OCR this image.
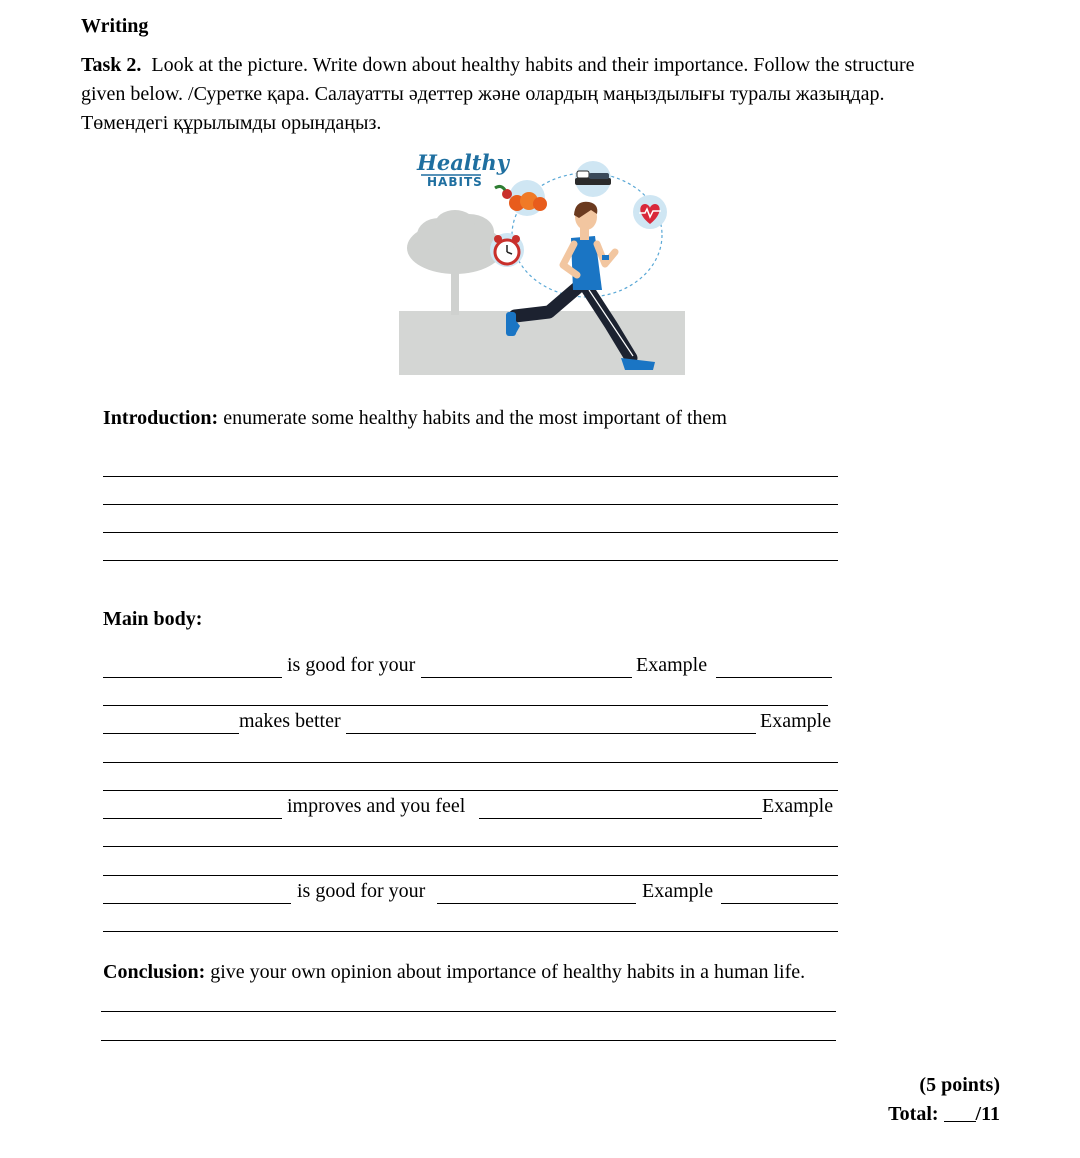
Writing
Task 2. Look at the picture. Write down about healthy habits and their importance. Follow the structure
given below. /Суретке қара. Салауатты әдеттер және олардың маңыздылығы туралы жазыңдар.
Төмендегі құрылымды орындаңыз.
Healthy
HABITS
Introduction: enumerate some healthy habits and the most important of them
Main body:
is good for your	Example
makes better	Example
improves and you feel	Example
is good for your	Example
Conclusion: give your own opinion about importance of healthy habits in a human life.
(5 points)
Total: /11
